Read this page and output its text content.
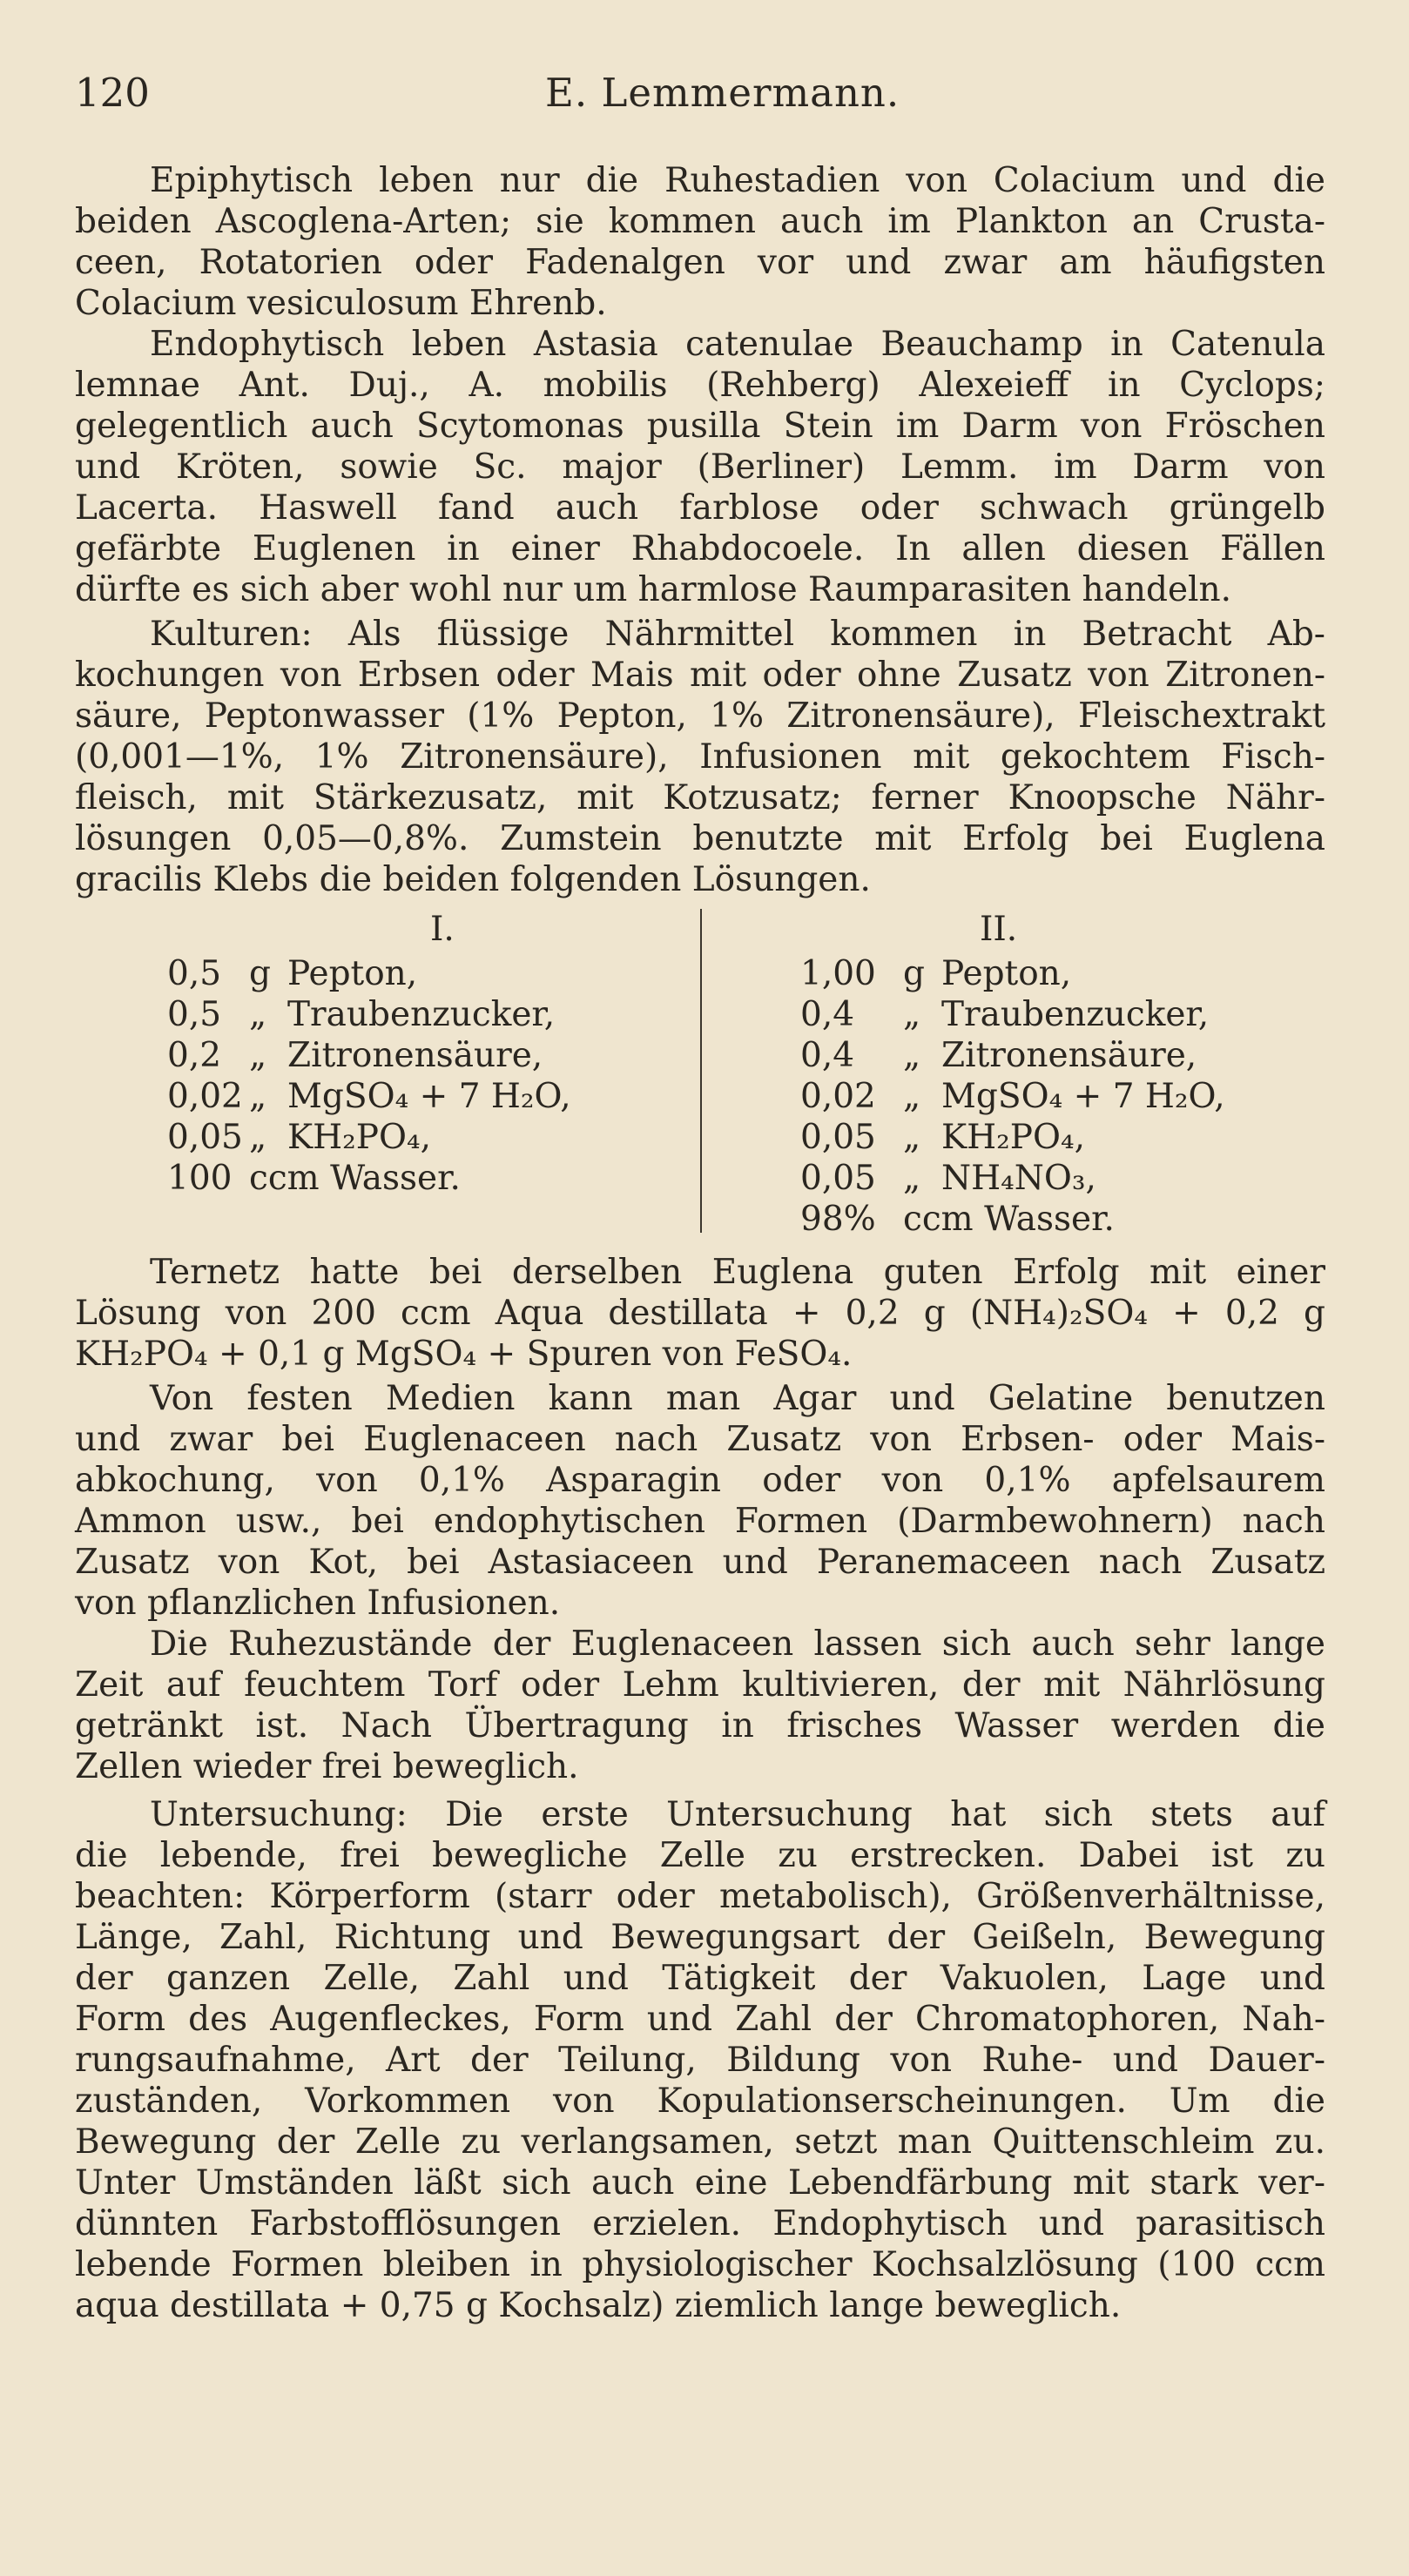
120	E. Lemmermann.
Epiphytisch leben nur die Ruhestadien von Colacium und die
beiden Ascoglena-Arten; sie kommen auch im Plankton an Crusta-
ceen, Rotatorien oder Fadenalgen vor und zwar am häufigsten
Colacium vesiculosum Ehrenb.
Endophytisch leben Astasia catenulae Beauchamp in Catenula
lemnae Ant. Duj., A. mobilis (Rehberg) Alexeieff in Cyclops;
gelegentlich auch Scytomonas pusilla Stein im Darm von Fröschen
und Kröten, sowie Sc. major (Berliner) Lemm. im Darm von
Lacerta. Haswell fand auch farblose oder schwach grüngelb
gefärbte Euglenen in einer Rhabdocoele. In allen diesen Fällen
dürfte es sich aber wohl nur um harmlose Raumparasiten handeln.
Kulturen: Als flüssige Nährmittel kommen in Betracht Ab-
kochungen von Erbsen oder Mais mit oder ohne Zusatz von Zitronen-
säure, Peptonwasser (1% Pepton, 1% Zitronensäure), Fleischextrakt
(0,001—1%, 1% Zitronensäure), Infusionen mit gekochtem Fisch-
fleisch, mit Stärkezusatz, mit Kotzusatz; ferner Knoopsche Nähr-
lösungen 0,05—0,8%. Zumstein benutzte mit Erfolg bei Euglena
gracilis Klebs die beiden folgenden Lösungen.
I.
0,5 g Pepton,
0,5 „ Traubenzucker,
0,2 „ Zitronensäure,
0,02 „ MgSO₄ + 7 H₂O,
0,05 „ KH₂PO₄,
100 ccm Wasser.
II.
1,00 g Pepton,
0,4	„ Traubenzucker,
0,4	„ Zitronensäure,
0,02 „ MgSO₄ + 7 H₂O,
0,05 „ KH₂PO₄,
0,05 „ NH₄NO₃,
98% ccm Wasser.
Ternetz hatte bei derselben Euglena guten Erfolg mit einer
Lösung von 200 ccm Aqua destillata + 0,2 g (NH₄)₂SO₄ + 0,2 g
KH₂PO₄ + 0,1 g MgSO₄ + Spuren von FeSO₄.
Von festen Medien kann man Agar und Gelatine benutzen
und zwar bei Euglenaceen nach Zusatz von Erbsen- oder Mais-
abkochung, von 0,1% Asparagin oder von 0,1% apfelsaurem
Ammon usw., bei endophytischen Formen (Darmbewohnern) nach
Zusatz von Kot, bei Astasiaceen und Peranemaceen nach Zusatz
von pflanzlichen Infusionen.
Die Ruhezustände der Euglenaceen lassen sich auch sehr lange
Zeit auf feuchtem Torf oder Lehm kultivieren, der mit Nährlösung
getränkt ist. Nach Übertragung in frisches Wasser werden die
Zellen wieder frei beweglich.
Untersuchung: Die erste Untersuchung hat sich stets auf
die lebende, frei bewegliche Zelle zu erstrecken. Dabei ist zu
beachten: Körperform (starr oder metabolisch), Größenverhältnisse,
Länge, Zahl, Richtung und Bewegungsart der Geißeln, Bewegung
der ganzen Zelle, Zahl und Tätigkeit der Vakuolen, Lage und
Form des Augenfleckes, Form und Zahl der Chromatophoren, Nah-
rungsaufnahme, Art der Teilung, Bildung von Ruhe- und Dauer-
zuständen, Vorkommen von Kopulationserscheinungen. Um die
Bewegung der Zelle zu verlangsamen, setzt man Quittenschleim zu.
Unter Umständen läßt sich auch eine Lebendfärbung mit stark ver-
dünnten Farbstofflösungen erzielen. Endophytisch und parasitisch
lebende Formen bleiben in physiologischer Kochsalzlösung (100 ccm
aqua destillata + 0,75 g Kochsalz) ziemlich lange beweglich.
